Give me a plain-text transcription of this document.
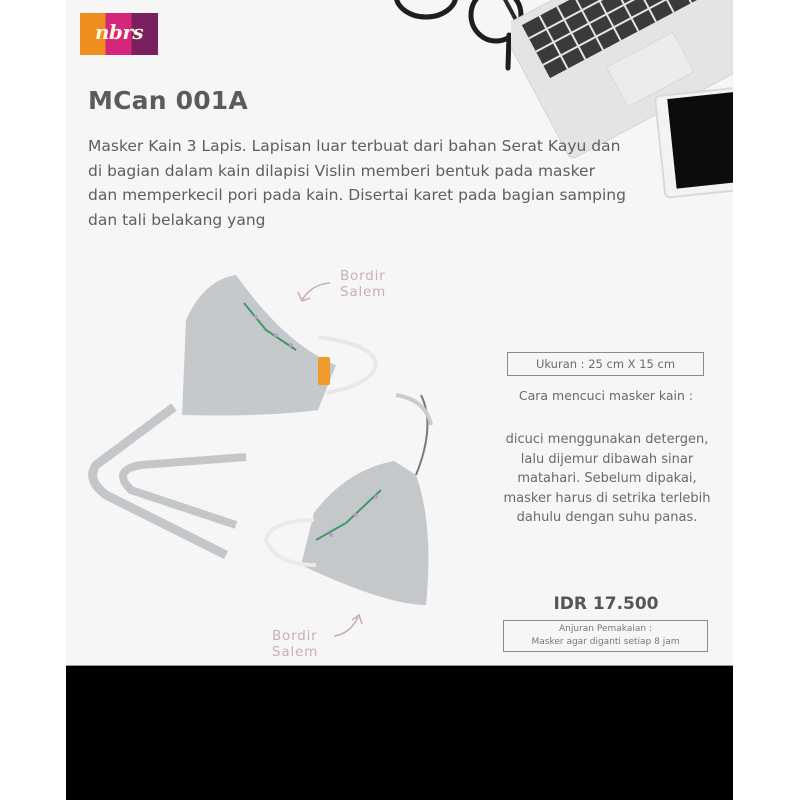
nbrs
MCan 001A
Masker Kain 3 Lapis. Lapisan luar terbuat dari bahan Serat Kayu dan di bagian dalam kain dilapisi Vislin memberi bentuk pada masker dan memperkecil pori pada kain. Disertai karet pada bagian samping dan tali belakang yang
Bordir
Salem
Bordir
Salem
Ukuran : 25 cm X 15 cm
Cara mencuci masker kain :
dicuci menggunakan detergen, lalu dijemur dibawah sinar matahari. Sebelum dipakai, masker harus di setrika terlebih dahulu dengan suhu panas.
IDR 17.500
Anjuran Pemakaian :
Masker agar diganti setiap 8 jam
